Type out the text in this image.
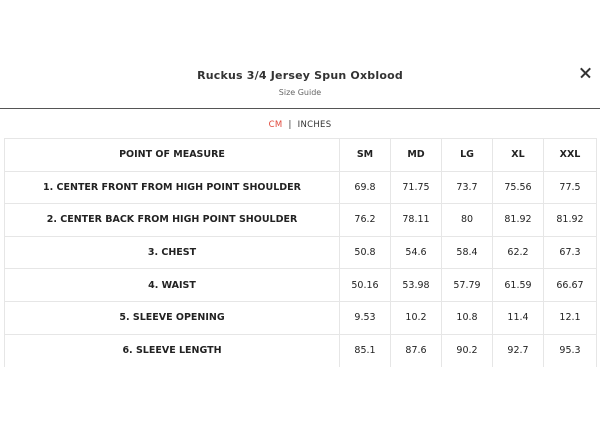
Ruckus 3/4 Jersey Spun Oxblood
Size Guide
CM | INCHES
POINT OF MEASURE	SM	MD	LG	XL	XXL
1. CENTER FRONT FROM HIGH POINT SHOULDER	69.8	71.75	73.7	75.56	77.5
2. CENTER BACK FROM HIGH POINT SHOULDER	76.2	78.11	80	81.92	81.92
3. CHEST	50.8	54.6	58.4	62.2	67.3
4. WAIST	50.16	53.98	57.79	61.59	66.67
5. SLEEVE OPENING	9.53	10.2	10.8	11.4	12.1
6. SLEEVE LENGTH	85.1	87.6	90.2	92.7	95.3
